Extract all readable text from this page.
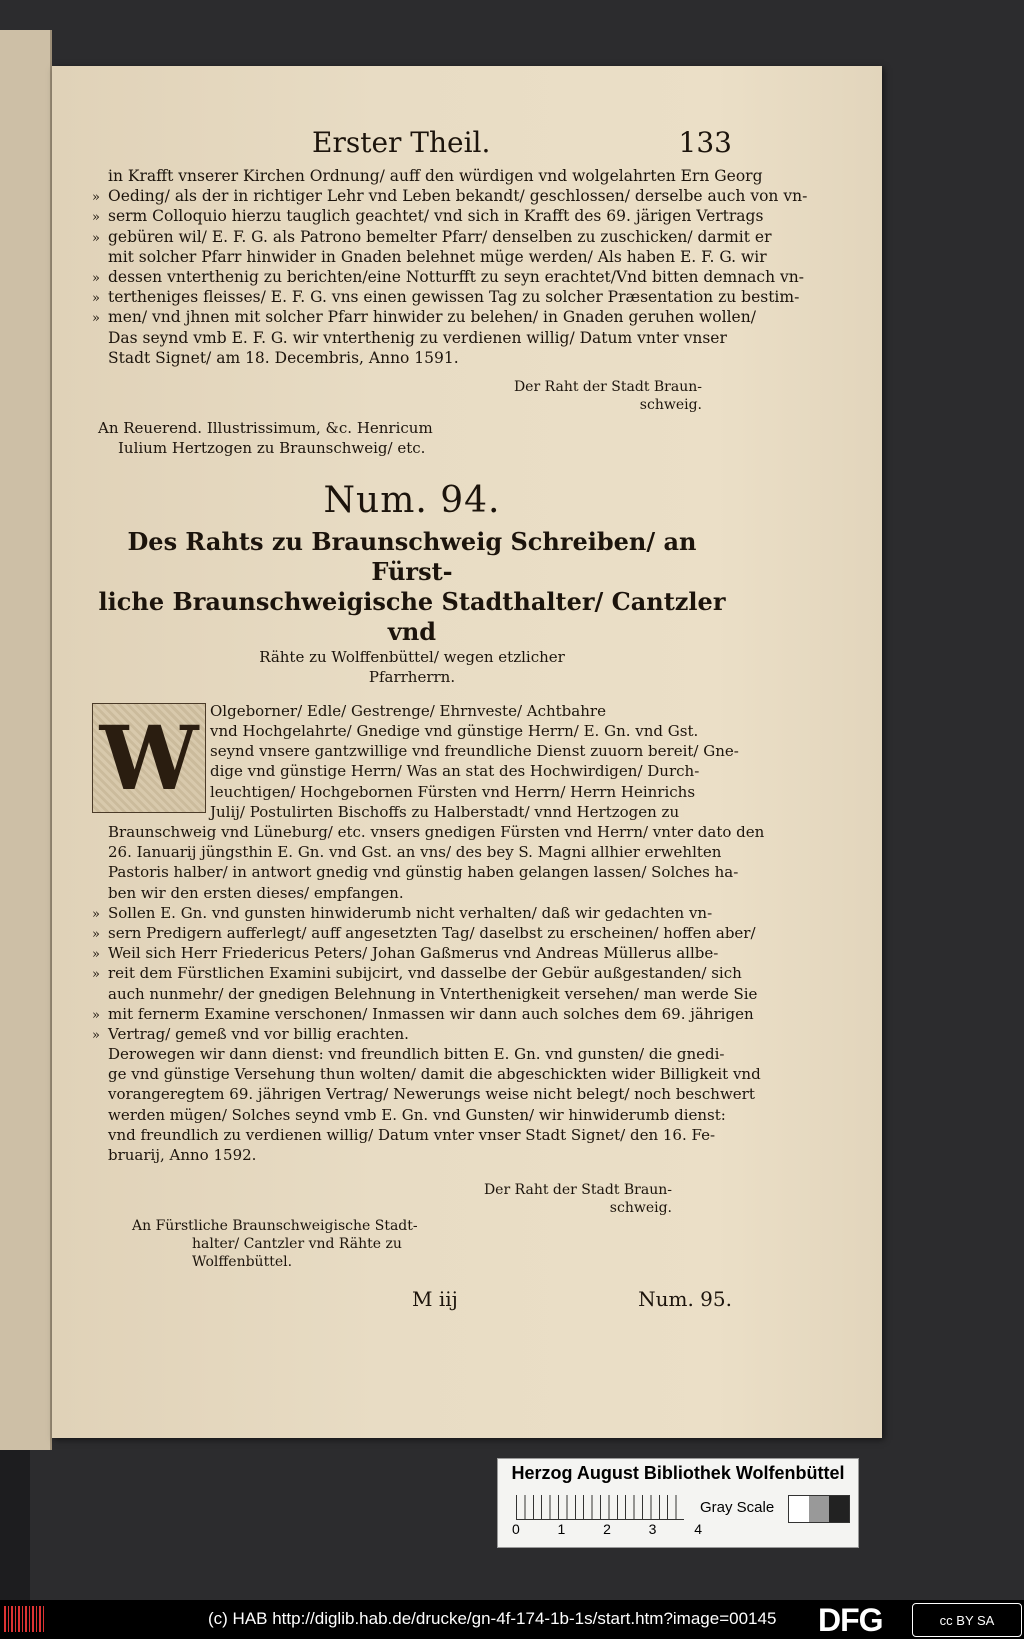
Erster Theil.	133
in Krafft vnserer Kirchen Ordnung/ auff den würdigen vnd wolgelahrten Ern Georg
» Oeding/ als der in richtiger Lehr vnd Leben bekandt/ geschlossen/ derselbe auch von vn-
» serm Colloquio hierzu tauglich geachtet/ vnd sich in Krafft des 69. järigen Vertrags
» gebüren wil/ E. F. G. als Patrono bemelter Pfarr/ denselben zu zuschicken/ darmit er
mit solcher Pfarr hinwider in Gnaden belehnet müge werden/ Als haben E. F. G. wir
» dessen vnterthenig zu berichten/eine Notturfft zu seyn erachtet/Vnd bitten demnach vn-
» tertheniges fleisses/ E. F. G. vns einen gewissen Tag zu solcher Præsentation zu bestim-
» men/ vnd jhnen mit solcher Pfarr hinwider zu belehen/ in Gnaden geruhen wollen/
Das seynd vmb E. F. G. wir vnterthenig zu verdienen willig/ Datum vnter vnser
Stadt Signet/ am 18. Decembris, Anno 1591.
Der Raht der Stadt Braun-
schweig.
An Reuerend. Illustrissimum, &c. Henricum
Iulium Hertzogen zu Braunschweig/ etc.
Num. 94.
Des Rahts zu Braunschweig Schreiben/ an Fürst-
liche Braunschweigische Stadthalter/ Cantzler vnd
Rähte zu Wolffenbüttel/ wegen etzlicher
Pfarrherrn.
W Olgeborner/ Edle/ Gestrenge/ Ehrnveste/ Achtbahre
vnd Hochgelahrte/ Gnedige vnd günstige Herrn/ E. Gn. vnd Gst.
seynd vnsere gantzwillige vnd freundliche Dienst zuuorn bereit/ Gne-
dige vnd günstige Herrn/ Was an stat des Hochwirdigen/ Durch-
leuchtigen/ Hochgebornen Fürsten vnd Herrn/ Herrn Heinrichs
Julij/ Postulirten Bischoffs zu Halberstadt/ vnnd Hertzogen zu
Braunschweig vnd Lüneburg/ etc. vnsers gnedigen Fürsten vnd Herrn/ vnter dato den
26. Ianuarij jüngsthin E. Gn. vnd Gst. an vns/ des bey S. Magni allhier erwehlten
Pastoris halber/ in antwort gnedig vnd günstig haben gelangen lassen/ Solches ha-
ben wir den ersten dieses/ empfangen.
» Sollen E. Gn. vnd gunsten hinwiderumb nicht verhalten/ daß wir gedachten vn-
» sern Predigern aufferlegt/ auff angesetzten Tag/ daselbst zu erscheinen/ hoffen aber/
» Weil sich Herr Friedericus Peters/ Johan Gaßmerus vnd Andreas Müllerus allbe-
» reit dem Fürstlichen Examini subijcirt, vnd dasselbe der Gebür außgestanden/ sich
auch nunmehr/ der gnedigen Belehnung in Vnterthenigkeit versehen/ man werde Sie
» mit fernerm Examine verschonen/ Inmassen wir dann auch solches dem 69. jährigen
» Vertrag/ gemeß vnd vor billig erachten.
Derowegen wir dann dienst: vnd freundlich bitten E. Gn. vnd gunsten/ die gnedi-
ge vnd günstige Versehung thun wolten/ damit die abgeschickten wider Billigkeit vnd
vorangeregtem 69. jährigen Vertrag/ Newerungs weise nicht belegt/ noch beschwert
werden mügen/ Solches seynd vmb E. Gn. vnd Gunsten/ wir hinwiderumb dienst:
vnd freundlich zu verdienen willig/ Datum vnter vnser Stadt Signet/ den 16. Fe-
bruarij, Anno 1592.
Der Raht der Stadt Braun-
schweig.
An Fürstliche Braunschweigische Stadt-
halter/ Cantzler vnd Rähte zu
Wolffenbüttel.
M iij	Num. 95.
Herzog August Bibliothek Wolfenbüttel
0	1	2	3	4
Gray Scale
(c) HAB http://diglib.hab.de/drucke/gn-4f-174-1b-1s/start.htm?image=00145 DFG	cc BY SA
